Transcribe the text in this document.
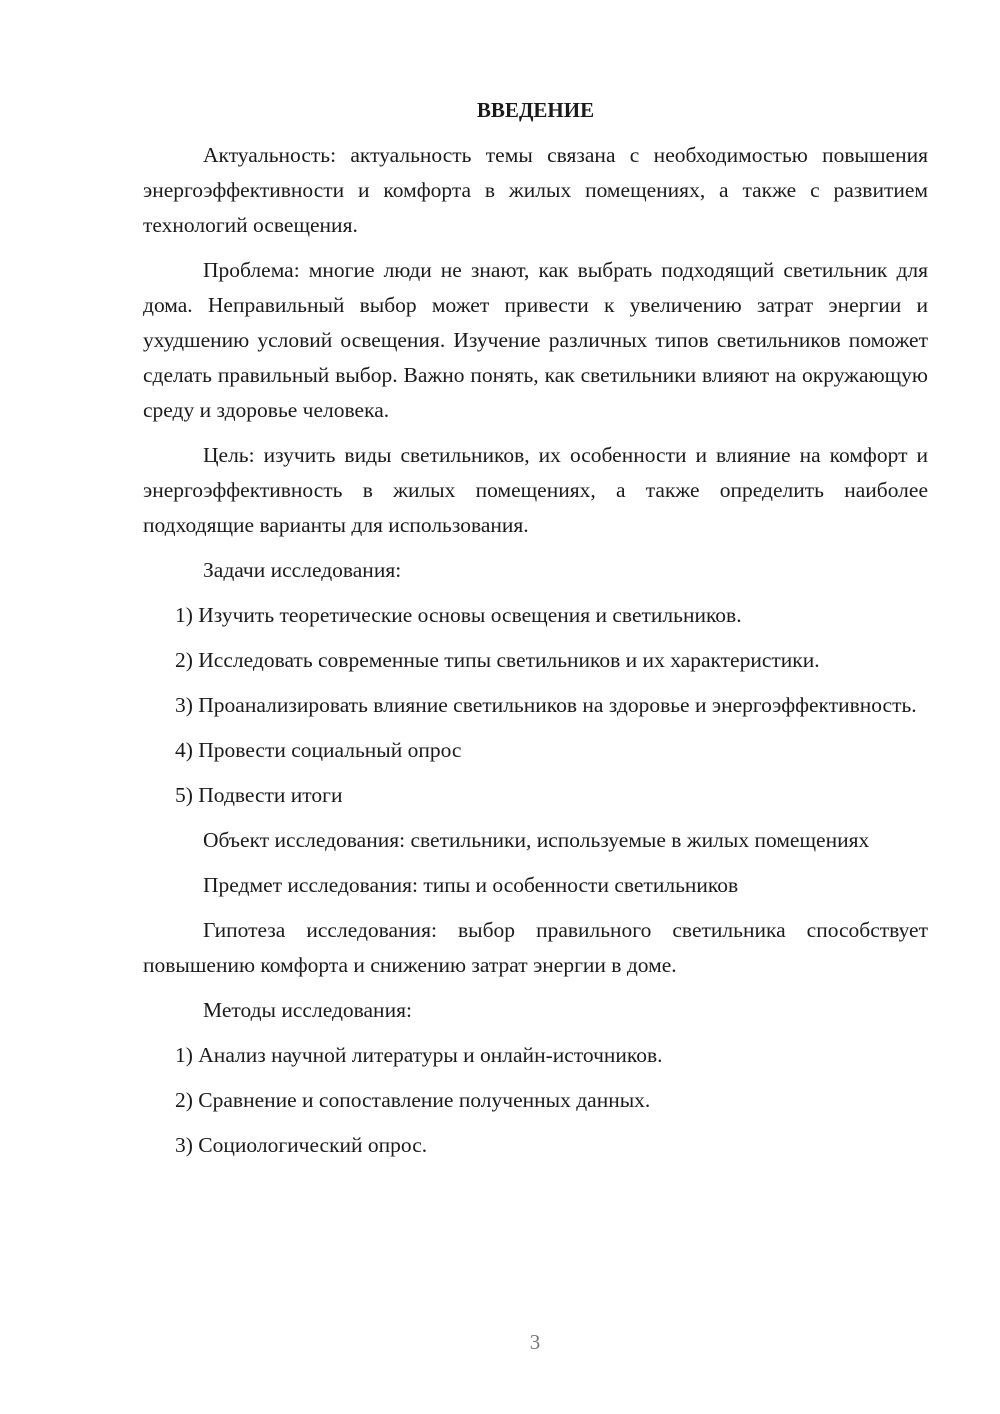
ВВЕДЕНИЕ

Актуальность: актуальность темы связана с необходимостью повышения энергоэффективности и комфорта в жилых помещениях, а также с развитием технологий освещения.

Проблема: многие люди не знают, как выбрать подходящий светильник для дома. Неправильный выбор может привести к увеличению затрат энергии и ухудшению условий освещения. Изучение различных типов светильников поможет сделать правильный выбор. Важно понять, как светильники влияют на окружающую среду и здоровье человека.

Цель: изучить виды светильников, их особенности и влияние на комфорт и энергоэффективность в жилых помещениях, а также определить наиболее подходящие варианты для использования.

Задачи исследования:

1) Изучить теоретические основы освещения и светильников.

2) Исследовать современные типы светильников и их характеристики.

3) Проанализировать влияние светильников на здоровье и энергоэффективность.

4) Провести социальный опрос

5) Подвести итоги

Объект исследования: светильники, используемые в жилых помещениях

Предмет исследования: типы и особенности светильников

Гипотеза исследования: выбор правильного светильника способствует повышению комфорта и снижению затрат энергии в доме.

Методы исследования:

1) Анализ научной литературы и онлайн-источников.

2) Сравнение и сопоставление полученных данных.

3) Социологический опрос.

3
